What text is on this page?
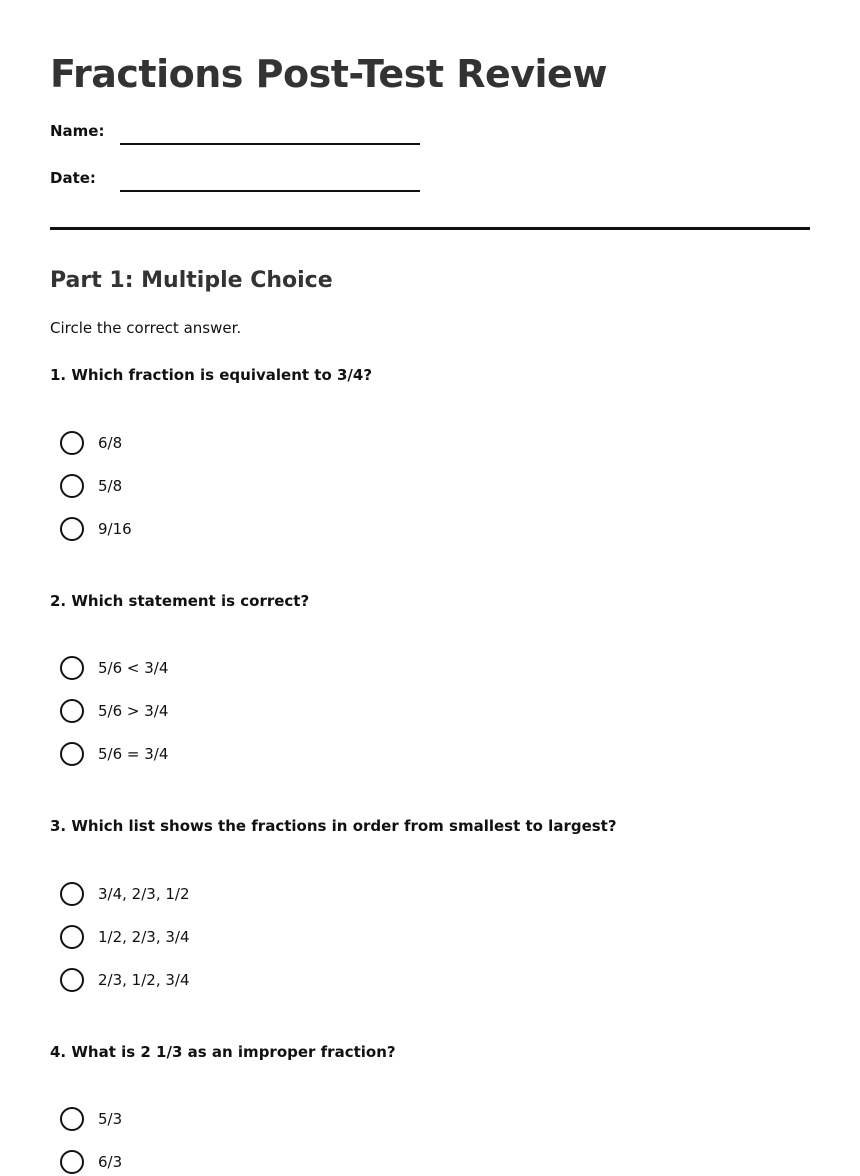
Fractions Post-Test Review
Name:
Date:
Part 1: Multiple Choice
Circle the correct answer.
1. Which fraction is equivalent to 3/4?
6/8
5/8
9/16
2. Which statement is correct?
5/6 < 3/4
5/6 > 3/4
5/6 = 3/4
3. Which list shows the fractions in order from smallest to largest?
3/4, 2/3, 1/2
1/2, 2/3, 3/4
2/3, 1/2, 3/4
4. What is 2 1/3 as an improper fraction?
5/3
6/3
